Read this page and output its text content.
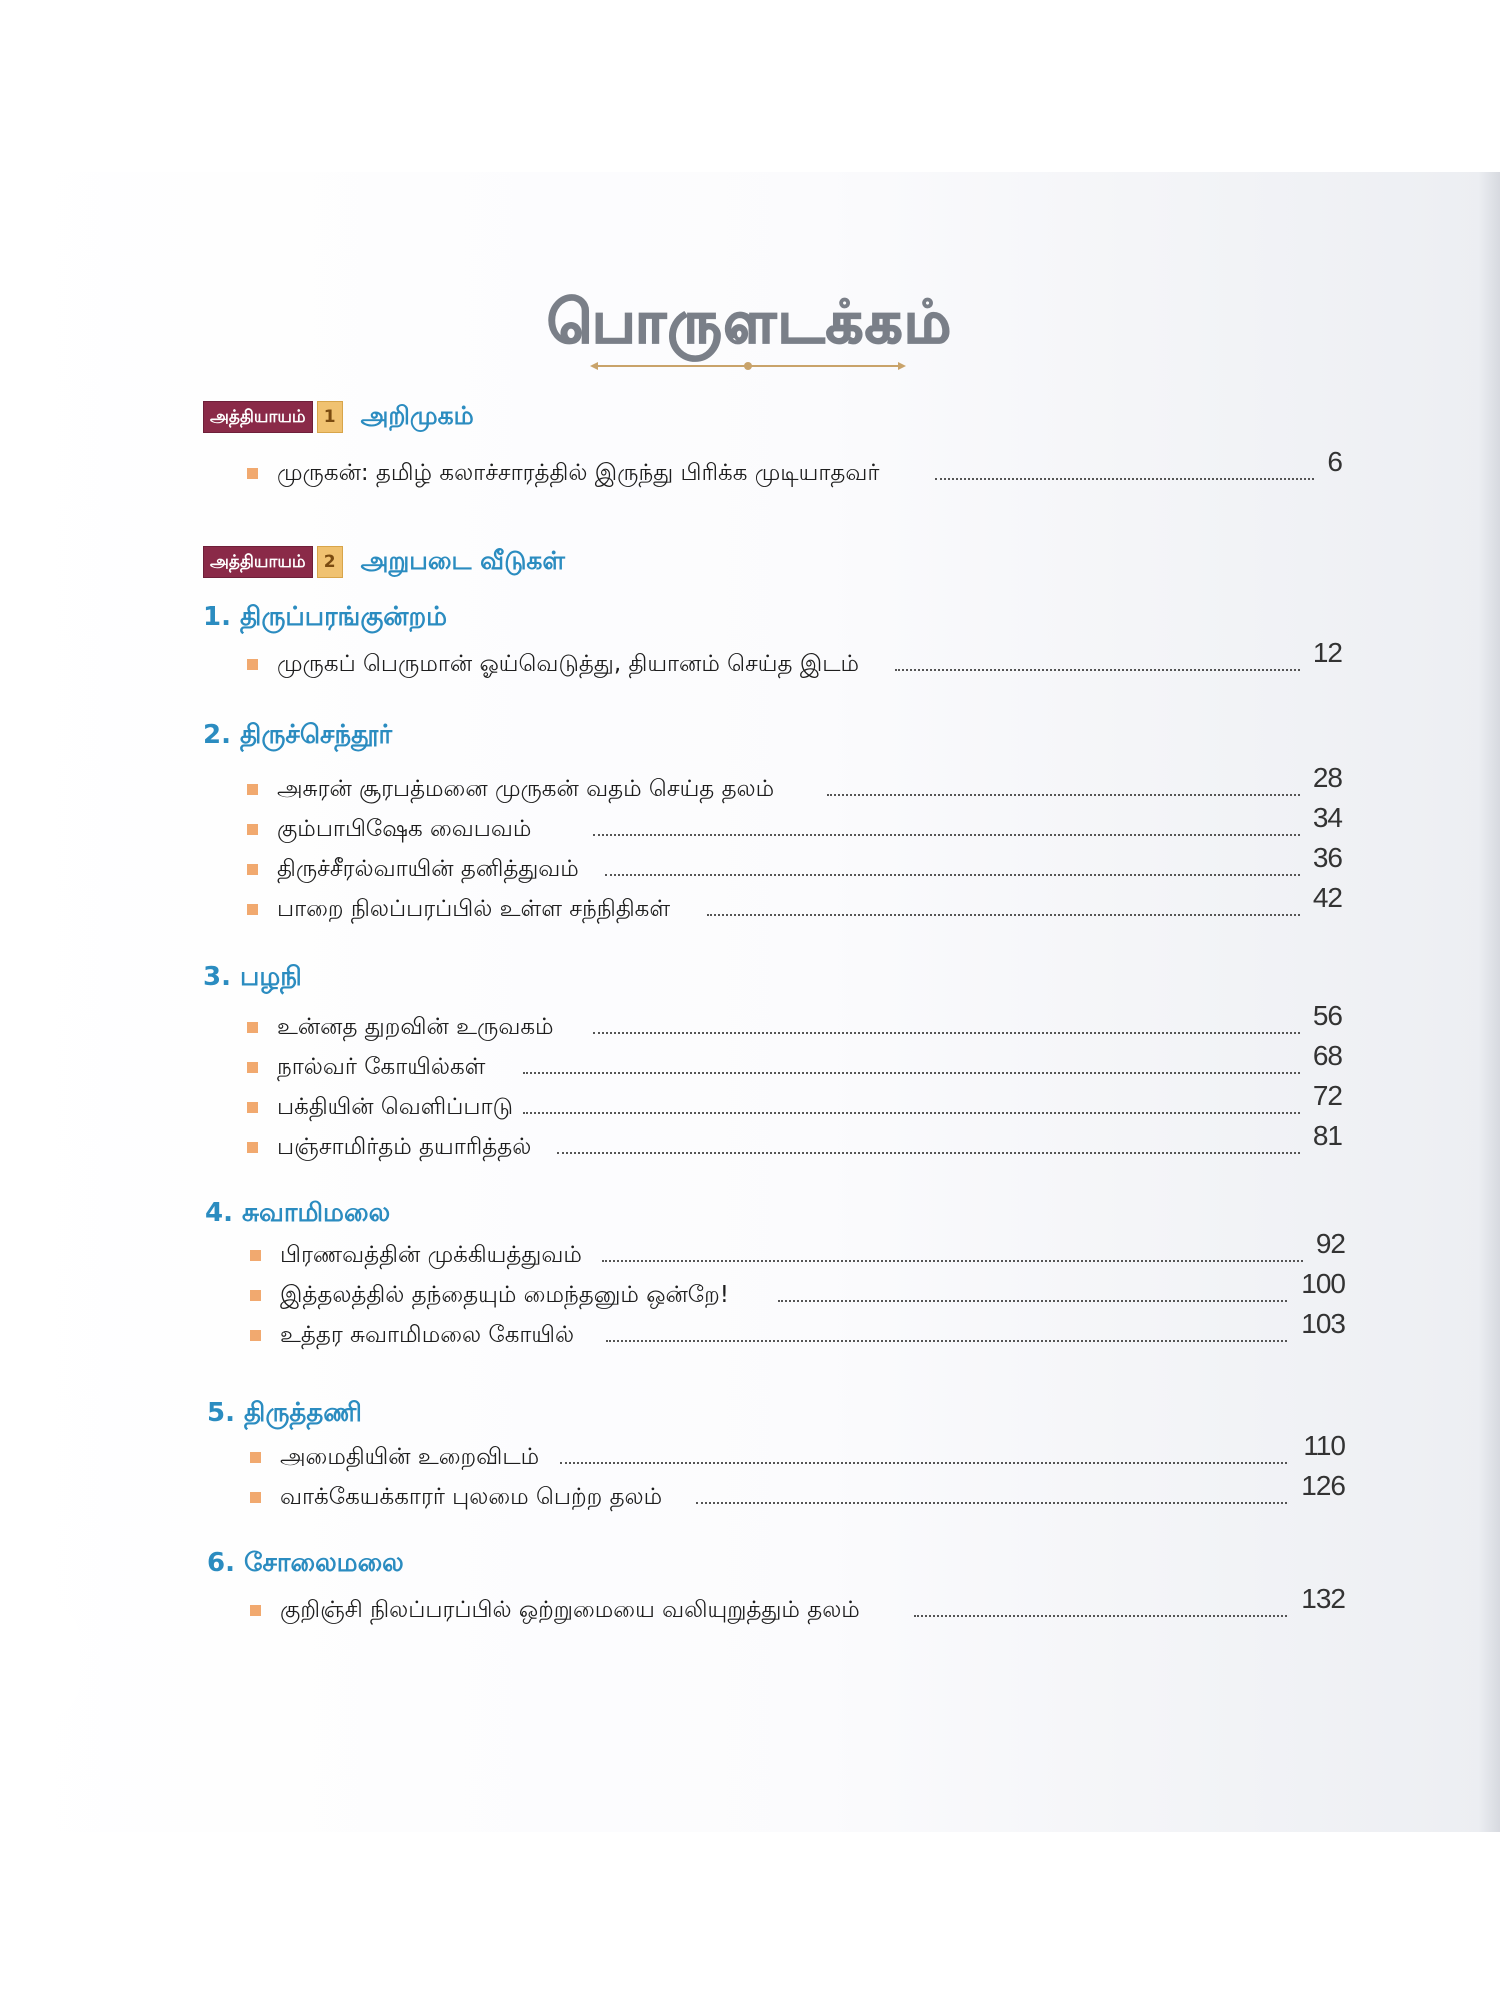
பொருளடக்கம்
அத்தியாயம்	1 அறிமுகம்
முருகன்: தமிழ் கலாச்சாரத்தில் இருந்து பிரிக்க முடியாதவர்	6
அத்தியாயம்	2 அறுபடை வீடுகள்
1. திருப்பரங்குன்றம்
முருகப் பெருமான் ஓய்வெடுத்து, தியானம் செய்த இடம்	12
2. திருச்செந்தூர்
அசுரன் சூரபத்மனை முருகன் வதம் செய்த தலம்	28
கும்பாபிஷேக வைபவம்	34
திருச்சீரல்வாயின் தனித்துவம்	36
பாறை நிலப்பரப்பில் உள்ள சந்நிதிகள்	42
3. பழநி
உன்னத துறவின் உருவகம்	56
நால்வர் கோயில்கள்	68
பக்தியின் வெளிப்பாடு	72
பஞ்சாமிர்தம் தயாரித்தல்	81
4. சுவாமிமலை
பிரணவத்தின் முக்கியத்துவம்	92
இத்தலத்தில் தந்தையும் மைந்தனும் ஒன்றே!	100
உத்தர சுவாமிமலை கோயில்	103
5. திருத்தணி
அமைதியின் உறைவிடம்	110
வாக்கேயக்காரர் புலமை பெற்ற தலம்	126
6. சோலைமலை
குறிஞ்சி நிலப்பரப்பில் ஒற்றுமையை வலியுறுத்தும் தலம்	132
